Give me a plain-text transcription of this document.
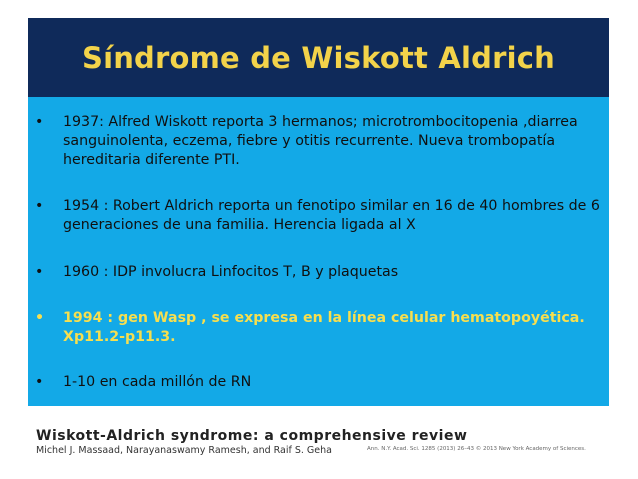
Síndrome de Wiskott Aldrich
• 1937: Alfred Wiskott reporta 3 hermanos; microtrombocitopenia ,diarrea sanguinolenta, eczema, fiebre y otitis recurrente. Nueva trombopatía hereditaria diferente PTI.
• 1954 : Robert Aldrich reporta un fenotipo similar en 16 de 40 hombres de 6 generaciones de una familia. Herencia ligada al X
• 1960 : IDP involucra Linfocitos T, B y plaquetas
• 1994 : gen Wasp , se expresa en la línea celular hematopoyética. Xp11.2-p11.3.
• 1-10 en cada millón de RN
Wiskott-Aldrich syndrome: a comprehensive review
Michel J. Massaad, Narayanaswamy Ramesh, and Raif S. Geha	Ann. N.Y. Acad. Sci. 1285 (2013) 26–43 © 2013 New York Academy of Sciences.
